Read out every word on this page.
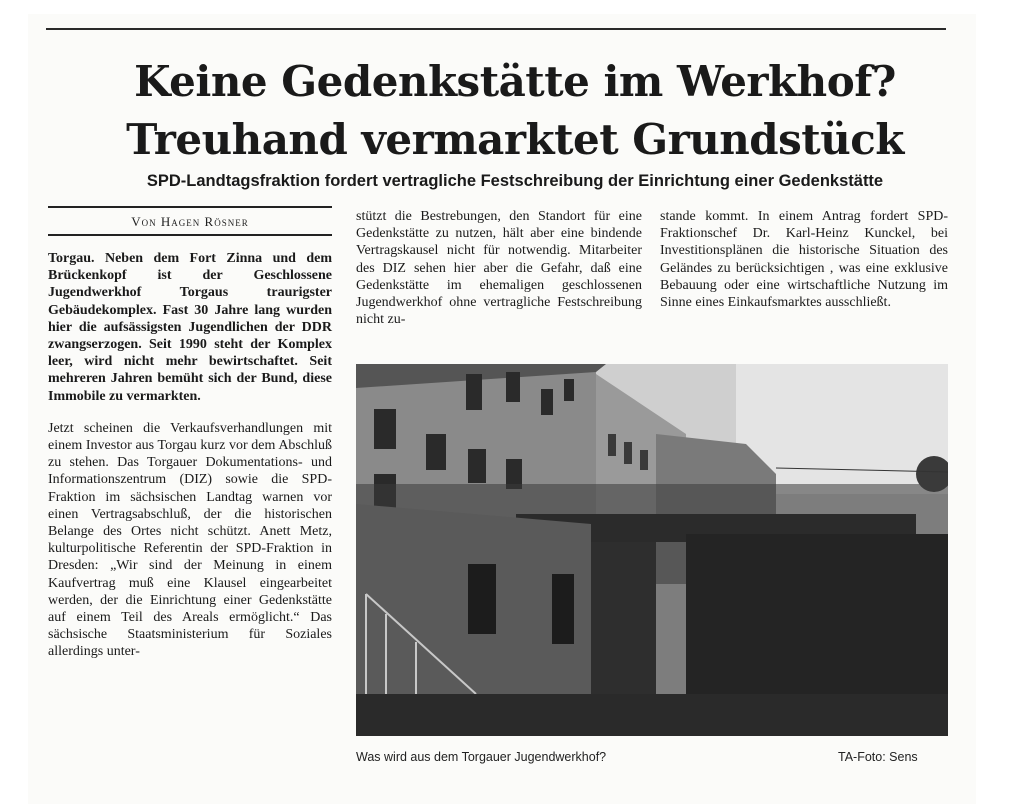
Keine Gedenkstätte im Werkhof?
Treuhand vermarktet Grundstück

SPD-Landtagsfraktion fordert vertragliche Festschreibung der Einrichtung einer Gedenkstätte

Von Hagen Rösner

Torgau. Neben dem Fort Zinna und dem Brückenkopf ist der Geschlossene Jugendwerkhof Torgaus traurigster Gebäudekomplex. Fast 30 Jahre lang wurden hier die aufsässigsten Jugendlichen der DDR zwangserzogen. Seit 1990 steht der Komplex leer, wird nicht mehr bewirtschaftet. Seit mehreren Jahren bemüht sich der Bund, diese Immobile zu vermarkten.

Jetzt scheinen die Verkaufsverhandlungen mit einem Investor aus Torgau kurz vor dem Abschluß zu stehen. Das Torgauer Dokumentations- und Informationszentrum (DIZ) sowie die SPD-Fraktion im sächsischen Landtag warnen vor einen Vertragsabschluß, der die historischen Belange des Ortes nicht schützt. Anett Metz, kulturpolitische Referentin der SPD-Fraktion in Dresden: „Wir sind der Meinung in einem Kaufvertrag muß eine Klausel eingearbeitet werden, der die Einrichtung einer Gedenkstätte auf einem Teil des Areals ermöglicht.“ Das sächsische Staatsministerium für Soziales allerdings unter-

stützt die Bestrebungen, den Standort für eine Gedenkstätte zu nutzen, hält aber eine bindende Vertragskausel nicht für notwendig. Mitarbeiter des DIZ sehen hier aber die Gefahr, daß eine Gedenkstätte im ehemaligen geschlossenen Jugendwerkhof ohne vertragliche Festschreibung nicht zu-

stande kommt. In einem Antrag fordert SPD-Fraktionschef Dr. Karl-Heinz Kunckel, bei Investitionsplänen die historische Situation des Geländes zu berücksichtigen , was eine exklusive Bebauung oder eine wirtschaftliche Nutzung im Sinne eines Einkaufsmarktes ausschließt.

Was wird aus dem Torgauer Jugendwerkhof?	TA-Foto: Sens
